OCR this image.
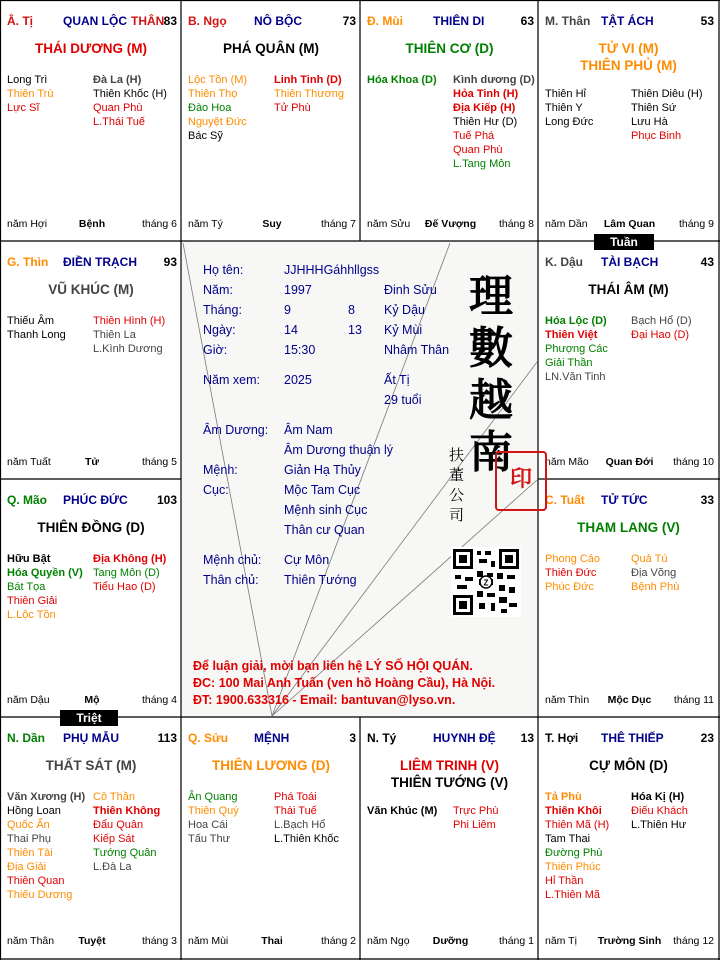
Â. Tị	QUAN LỘC THÂN 83
THÁI DƯƠNG (M)
Long Trì
Thiên Trù
Lực Sĩ
Đà La (H)
Thiên Khốc (H)
Quan Phù
L.Thái Tuế
năm Hợi	Bệnh	tháng 6
B. Ngọ NÔ BỘC	73
PHÁ QUÂN (M)
Lộc Tồn (M)
Thiên Thọ
Đào Hoa
Nguyệt Đức
Bác Sỹ
Linh Tinh (D)
Thiên Thương
Tử Phù
năm Tý	Suy	tháng 7
Đ. Mùi	THIÊN DI	63
THIÊN CƠ (D)
Hóa Khoa (D) Kình dương (D)
Hỏa Tinh (H)
Địa Kiếp (H)
Thiên Hư (D)
Tuế Phá
Quan Phù
L.Tang Môn
năm Sửu	Đế Vượng	tháng 8
M. Thân TẬT ÁCH	53
TỬ VI (M)
THIÊN PHỦ (M)
Thiên Hỉ
Thiên Y
Long Đức
Thiên Diêu (H)
Thiên Sứ
Lưu Hà
Phục Binh
năm Dần	Lâm Quan	tháng 9
K. Dậu TÀI BẠCH	43
THÁI ÂM (M)
Hóa Lộc (D)
Thiên Việt
Phượng Các
Giải Thần
LN.Văn Tinh
Bạch Hổ (D)
Đại Hao (D)
năm Mão	Quan Đới	tháng 10
C. Tuất TỬ TỨC	33
THAM LANG (V)
Phong Cáo
Thiên Đức
Phúc Đức
Quả Tú
Địa Võng
Bệnh Phù
năm Thìn	Mộc Dục	tháng 11
T. Hợi THÊ THIẾP	23
CỰ MÔN (D)
Tả Phù
Thiên Khôi
Thiên Mã (H)
Tam Thai
Đường Phù
Thiên Phúc
Hỉ Thần
L.Thiên Mã
Hóa Kị (H)
Điếu Khách
L.Thiên Hư
năm Tị	Trường Sinh	tháng 12
N. Tý	HUYNH ĐỆ 13
LIÊM TRINH (V)
THIÊN TƯỚNG (V)
Văn Khúc (M) Trực Phù
Phi Liêm
năm Ngọ	Dưỡng	tháng 1
Q. Sửu MỆNH	3
THIÊN LƯƠNG (D)
Ân Quang
Thiên Quý
Hoa Cái
Tấu Thư
Phá Toái
Thái Tuế
L.Bạch Hổ
L.Thiên Khốc
năm Mùi	Thai	tháng 2
N. Dần PHỤ MẪU	113
THẤT SÁT (M)
Văn Xương (H)
Hồng Loan
Quốc Ấn
Thai Phụ
Thiên Tài
Địa Giải
Thiên Quan
Thiếu Dương
Cô Thần
Thiên Không
Đẩu Quân
Kiếp Sát
Tướng Quân
L.Đà La
năm Thân	Tuyệt	tháng 3
Q. Mão PHÚC ĐỨC 103
THIÊN ĐỒNG (D)
Hữu Bật
Hóa Quyền (V)
Bát Tọa
Thiên Giải
L.Lộc Tồn
Địa Không (H)
Tang Môn (D)
Tiểu Hao (D)
năm Dậu	Mộ	tháng 4
G. Thìn ĐIỀN TRẠCH 93
VŨ KHÚC (M)
Thiếu Âm
Thanh Long
Thiên Hình (H)
Thiên La
L.Kình Dương
năm Tuất	Tử	tháng 5
Tuần
Triệt
Họ tên:	JJHHHGáhhllgss
Năm:	1997	Đinh Sửu
Tháng:	9	8 Kỷ Dậu
Ngày:	14	13 Kỷ Mùi
Giờ:	15:30	Nhâm Thân
Năm xem: 2025	Ất Tị
29 tuổi
Âm Dương: Âm Nam
Âm Dương thuận lý
Mệnh:	Giản Hạ Thủy
Cục:	Mộc Tam Cục
Mệnh sinh Cục
Thân cư Quan
Mệnh chủ: Cự Môn
Thân chủ: Thiên Tướng
理
數
越
南
扶
董
公
司
印
Z
Để luận giải, mời bạn liên hệ LÝ SỐ HỘI QUÁN.
ĐC: 100 Mai Anh Tuấn (ven hồ Hoàng Cầu), Hà Nội.
ĐT: 1900.633316 - Email: bantuvan@lyso.vn.
